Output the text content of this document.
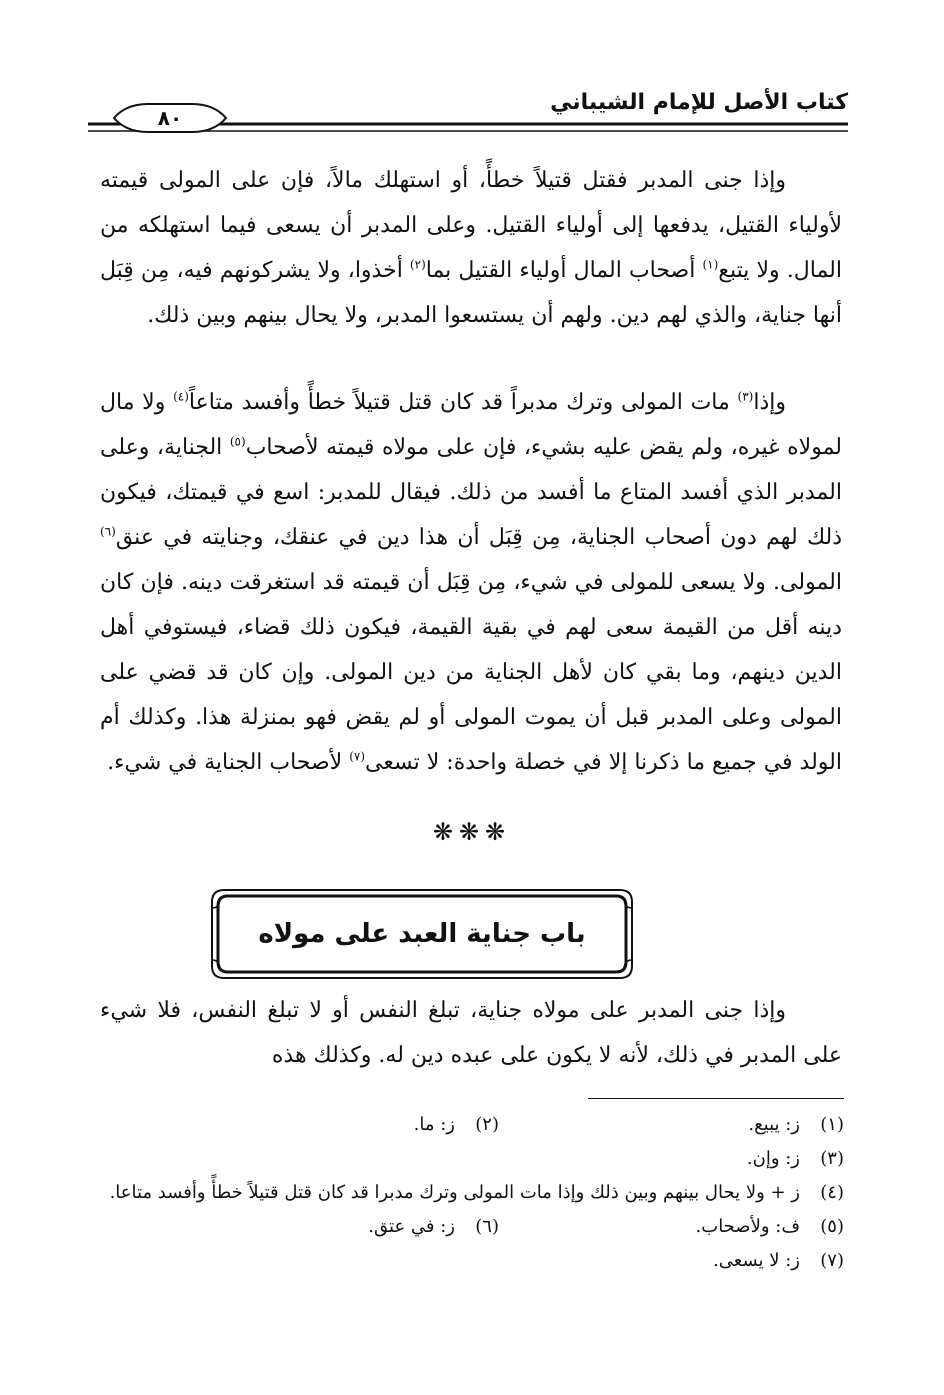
كتاب الأصل للإمام الشيباني
٨٠

وإذا جنى المدبر فقتل قتيلاً خطأً، أو استهلك مالاً، فإن على المولى قيمته لأولياء القتيل، يدفعها إلى أولياء القتيل. وعلى المدبر أن يسعى فيما استهلكه من المال. ولا يتبع$^{(١)}$ أصحاب المال أولياء القتيل بما$^{(٢)}$ أخذوا، ولا يشركونهم فيه، مِن قِبَل أنها جناية، والذي لهم دين. ولهم أن يستسعوا المدبر، ولا يحال بينهم وبين ذلك.

وإذا$^{(٣)}$ مات المولى وترك مدبراً قد كان قتل قتيلاً خطأً وأفسد متاعاً$^{(٤)}$ ولا مال لمولاه غيره، ولم يقض عليه بشيء، فإن على مولاه قيمته لأصحاب$^{(٥)}$ الجناية، وعلى المدبر الذي أفسد المتاع ما أفسد من ذلك. فيقال للمدبر: اسع في قيمتك، فيكون ذلك لهم دون أصحاب الجناية، مِن قِبَل أن هذا دين في عنقك، وجنايته في عنق$^{(٦)}$ المولى. ولا يسعى للمولى في شيء، مِن قِبَل أن قيمته قد استغرقت دينه. فإن كان دينه أقل من القيمة سعى لهم في بقية القيمة، فيكون ذلك قضاء، فيستوفي أهل الدين دينهم، وما بقي كان لأهل الجناية من دين المولى. وإن كان قد قضي على المولى وعلى المدبر قبل أن يموت المولى أو لم يقض فهو بمنزلة هذا. وكذلك أم الولد في جميع ما ذكرنا إلا في خصلة واحدة: لا تسعى$^{(٧)}$ لأصحاب الجناية في شيء.

❋❋❋
باب جناية العبد على مولاه

وإذا جنى المدبر على مولاه جناية، تبلغ النفس أو لا تبلغ النفس، فلا شيء على المدبر في ذلك، لأنه لا يكون على عبده دين له. وكذلك هذه

(١)
ز: يبيع.
(٢)
ز: ما.
(٣)
ز: وإن.
(٤)
ز + ولا يحال بينهم وبين ذلك وإذا مات المولى وترك مدبرا قد كان قتل قتيلاً خطأً وأفسد متاعا.
(٥)
ف: ولأصحاب.
(٦)
ز: في عتق.
(٧)
ز: لا يسعى.
